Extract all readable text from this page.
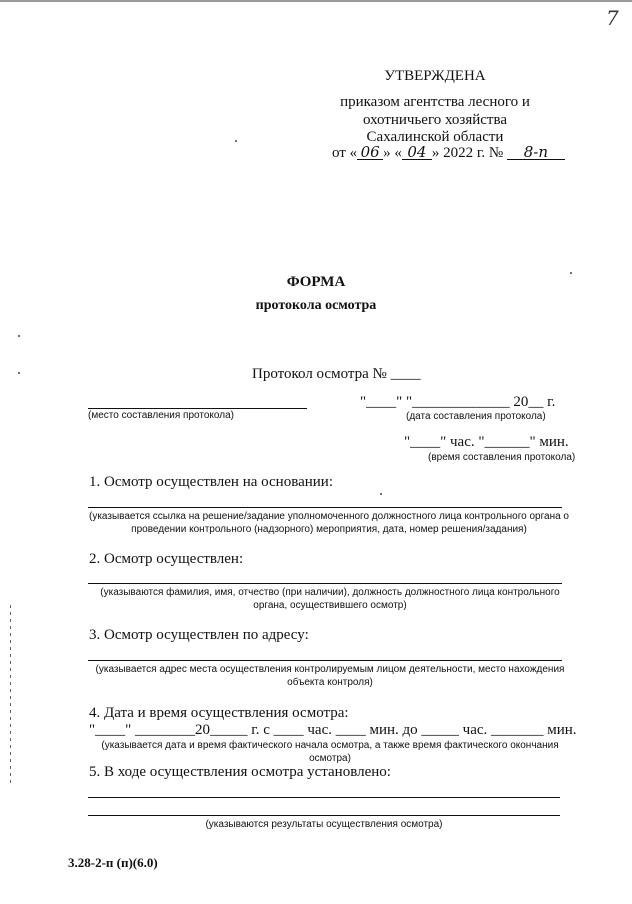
7
УТВЕРЖДЕНА
приказом агентства лесного и
охотничьего хозяйства
Сахалинской области
от « 06 » « 04 » 2022 г. № 8-п
ФОРМА
протокола осмотра
Протокол осмотра № ____
(место составления протокола)
"____" "_____________ 20__ г.
(дата составления протокола)
"____" час. "______" мин.
(время составления протокола)
1. Осмотр осуществлен на основании:
(указывается ссылка на решение/задание уполномоченного должностного лица контрольного органа о проведении контрольного (надзорного) мероприятия, дата, номер решения/задания)
2. Осмотр осуществлен:
(указываются фамилия, имя, отчество (при наличии), должность должностного лица контрольного органа, осуществившего осмотр)
3. Осмотр осуществлен по адресу:
(указывается адрес места осуществления контролируемым лицом деятельности, место нахождения объекта контроля)
4. Дата и время осуществления осмотра:
"____" ________20_____ г. с ____ час. ____ мин. до _____ час. _______ мин.
(указывается дата и время фактического начала осмотра, а также время фактического окончания осмотра)
5. В ходе осуществления осмотра установлено:
(указываются результаты осуществления осмотра)
3.28-2-п (п)(6.0)
